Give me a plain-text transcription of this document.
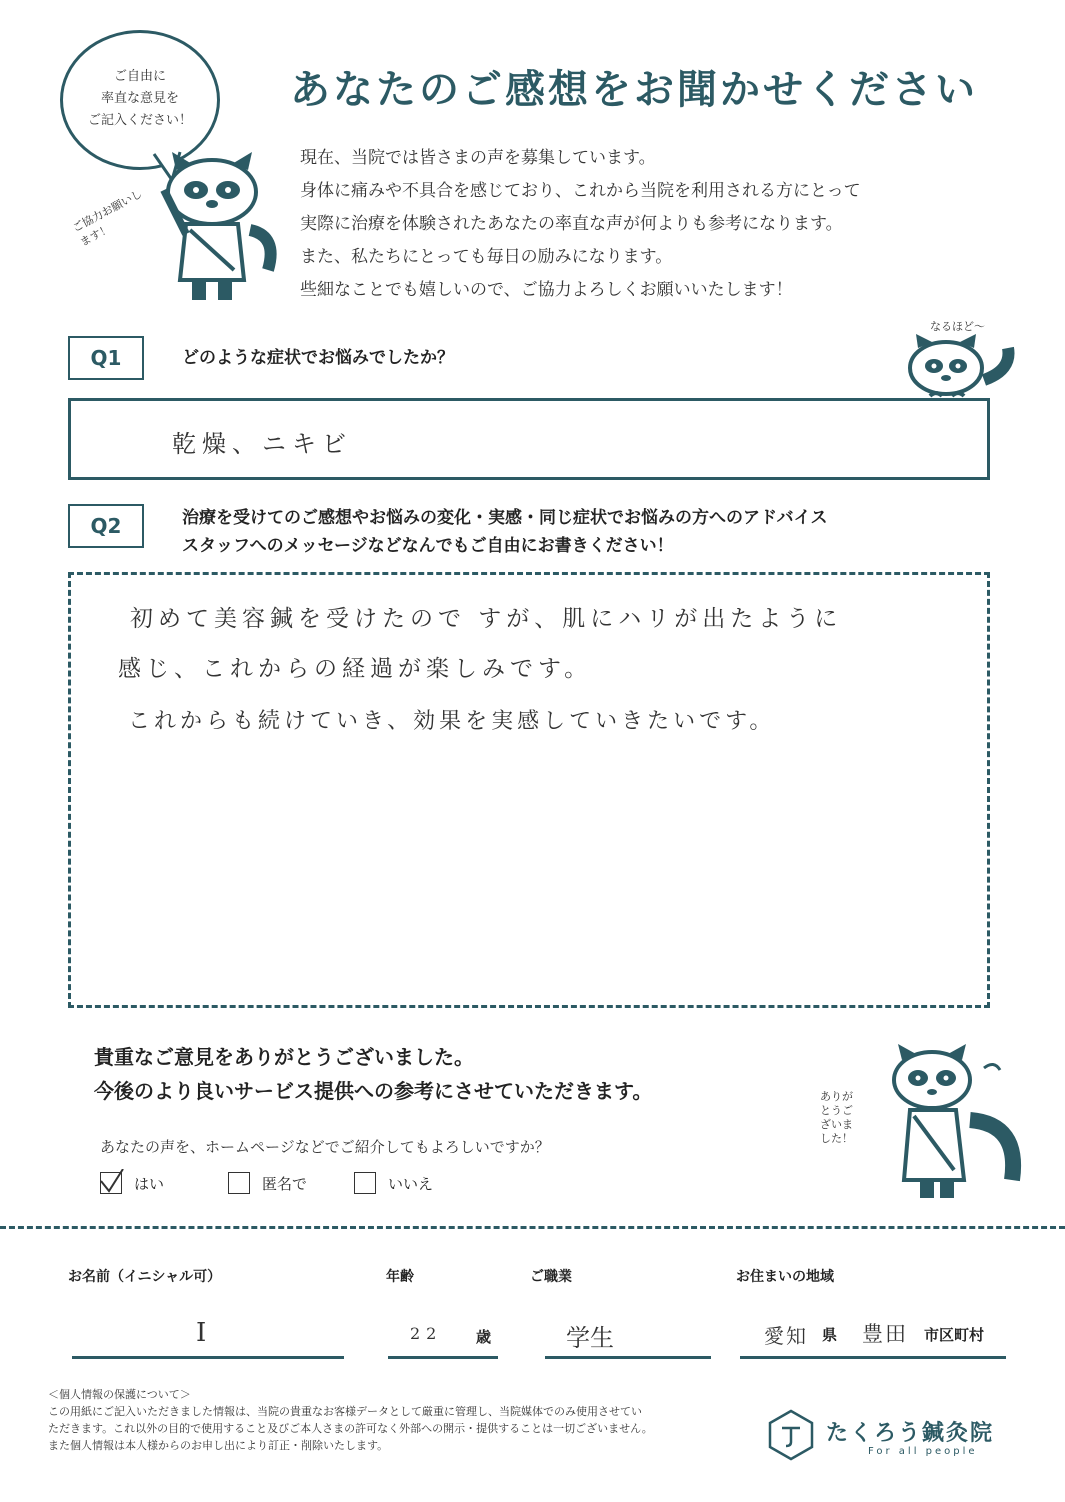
ご自由に
率直な意見を
ご記入ください！
ご協力お願いします！
あなたのご感想をお聞かせください
現在、当院では皆さまの声を募集しています。
身体に痛みや不具合を感じており、これから当院を利用される方にとって
実際に治療を体験されたあなたの率直な声が何よりも参考になります。
また、私たちにとっても毎日の励みになります。
些細なことでも嬉しいので、ご協力よろしくお願いいたします！
Q1	どのような症状でお悩みでしたか？
なるほど～
乾燥、ニキビ
Q2	治療を受けてのご感想やお悩みの変化・実感・同じ症状でお悩みの方へのアドバイス
スタッフへのメッセージなどなんでもご自由にお書きください！
初めて美容鍼を受けたので すが、肌にハリが出たように
感じ、これからの経過が楽しみです。
これからも続けていき、効果を実感していきたいです。
貴重なご意見をありがとうございました。
今後のより良いサービス提供への参考にさせていただきます。	ありがとうございました！
あなたの声を、ホームページなどでご紹介してもよろしいですか？
はい	匿名で	いいえ
お名前（イニシャル可）	年齢	ご職業	お住まいの地域
I	22 歳	学生	愛知 県 豊田 市区町村
＜個人情報の保護について＞
この用紙にご記入いただきました情報は、当院の貴重なお客様データとして厳重に管理し、当院媒体でのみ使用させてい
ただきます。これ以外の目的で使用すること及びご本人さまの許可なく外部への開示・提供することは一切ございません。
また個人情報は本人様からのお申し出により訂正・削除いたします。	たくろう鍼灸院
For all people
